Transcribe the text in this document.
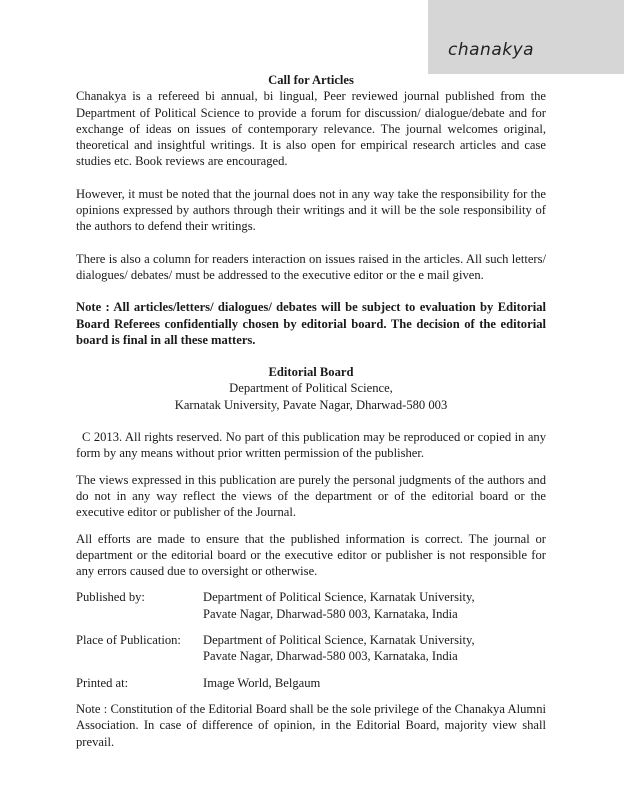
chanakya
Call for Articles

Chanakya is a refereed bi annual, bi lingual, Peer reviewed journal published from the Department of Political Science to provide a forum for discussion/ dialogue/debate and for exchange of ideas on issues of contemporary relevance. The journal welcomes original, theoretical and insightful writings. It is also open for empirical research articles and case studies etc. Book reviews are encouraged.

However, it must be noted that the journal does not in any way take the responsibility for the opinions expressed by authors through their writings and it will be the sole responsibility of the authors to defend their writings.

There is also a column for readers interaction on issues raised in the articles. All such letters/ dialogues/ debates/ must be addressed to the executive editor or the e mail given.

Note : All articles/letters/ dialogues/ debates will be subject to evaluation by Editorial Board Referees confidentially chosen by editorial board. The decision of the editorial board is final in all these matters.

Editorial Board

Department of Political Science,

Karnatak University, Pavate Nagar, Dharwad-580 003

C 2013. All rights reserved. No part of this publication may be reproduced or copied in any form by any means without prior written permission of the publisher.

The views expressed in this publication are purely the personal judgments of the authors and do not in any way reflect the views of the department or of the editorial board or the executive editor or publisher of the Journal.

All efforts are made to ensure that the published information is correct. The journal or department or the editorial board or the executive editor or publisher is not responsible for any errors caused due to oversight or otherwise.

Published by:	Department of Political Science, Karnatak University,
Pavate Nagar, Dharwad-580 003, Karnataka, India
Place of Publication:	Department of Political Science, Karnatak University,
Pavate Nagar, Dharwad-580 003, Karnataka, India
Printed at:	Image World, Belgaum

Note : Constitution of the Editorial Board shall be the sole privilege of the Chanakya Alumni Association. In case of difference of opinion, in the Editorial Board, majority view shall prevail.
